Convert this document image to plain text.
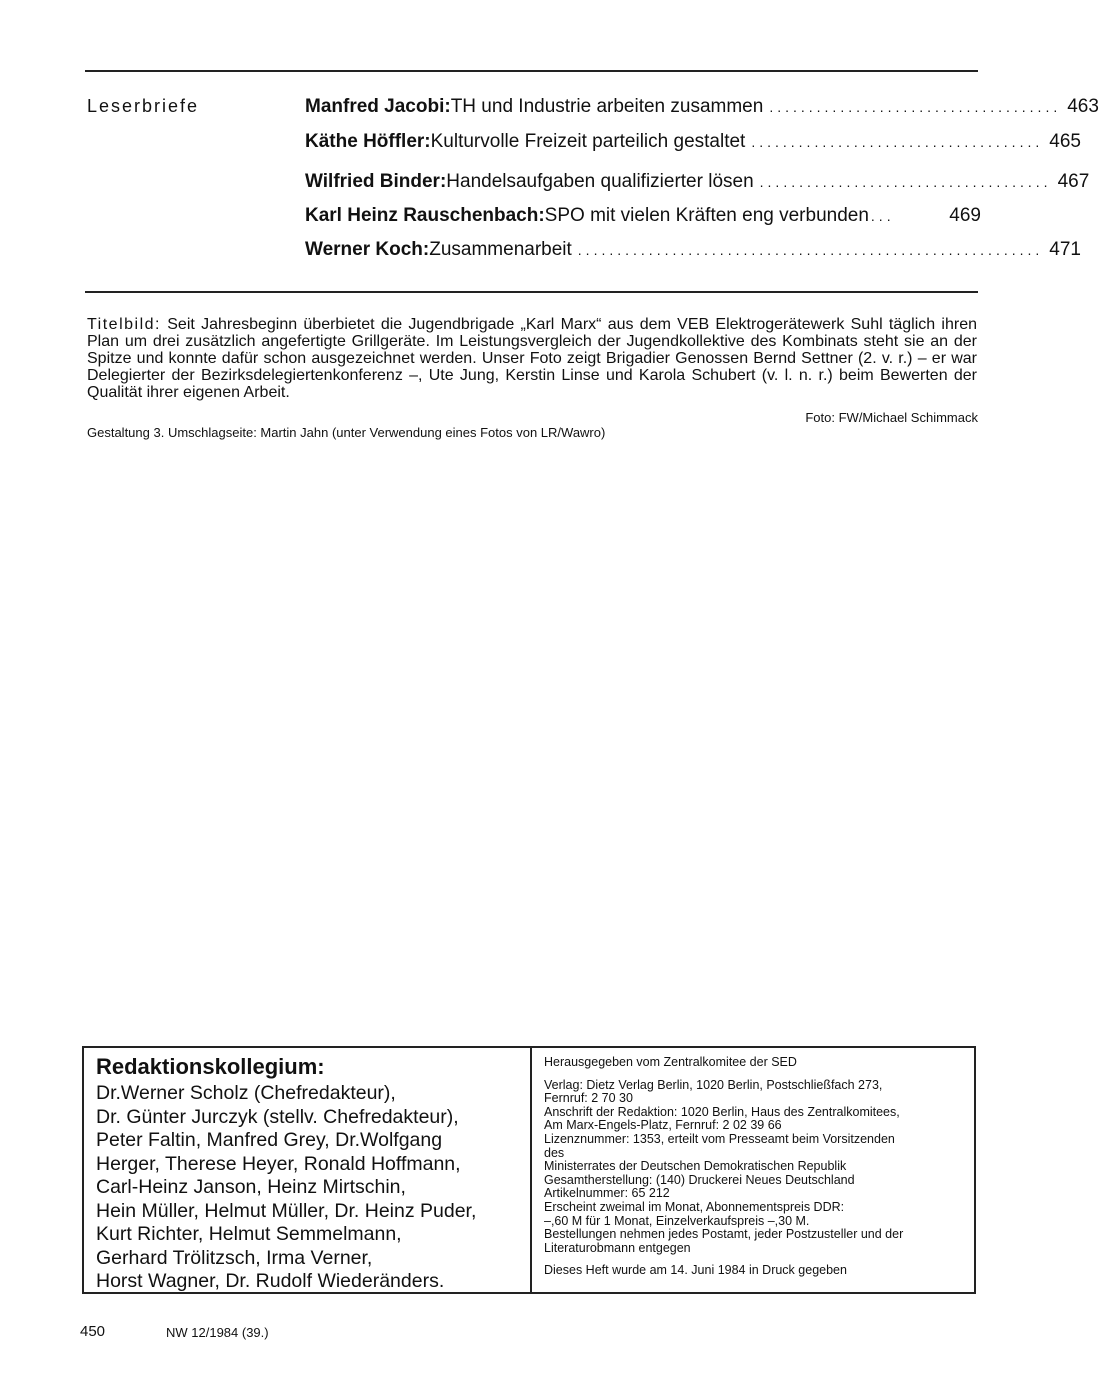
Leserbriefe	Manfred Jacobi: TH und Industrie arbeiten zusammen ..................................... 463
Käthe Höffler: Kulturvolle Freizeit parteilich gestaltet ..................................... 465
Wilfried Binder: Handelsaufgaben qualifizierter lösen ..................................... 467
Karl Heinz Rauschenbach: SPO mit vielen Kräften eng verbunden ...	469
Werner Koch: Zusammenarbeit ........................................................... 471
Titelbild: Seit Jahresbeginn überbietet die Jugendbrigade „Karl Marx“ aus dem VEB Elektrogerätewerk Suhl täglich ihren Plan um drei zusätzlich angefertigte Grillgeräte. Im Leistungsvergleich der Jugendkollektive des Kombinats steht sie an der Spitze und konnte dafür schon ausgezeichnet werden. Unser Foto zeigt Brigadier Genossen Bernd Settner (2. v. r.) – er war Delegierter der Bezirksdelegiertenkonferenz –, Ute Jung, Kerstin Linse und Karola Schubert (v. l. n. r.) beim Bewerten der Qualität ihrer eigenen Arbeit.
Foto: FW/Michael Schimmack
Gestaltung 3. Umschlagseite: Martin Jahn (unter Verwendung eines Fotos von LR/Wawro)
Redaktionskollegium:
Dr.Werner Scholz (Chefredakteur),
Dr. Günter Jurczyk (stellv. Chefredakteur),
Peter Faltin, Manfred Grey, Dr.Wolfgang
Herger, Therese Heyer, Ronald Hoffmann,
Carl-Heinz Janson, Heinz Mirtschin,
Hein Müller, Helmut Müller, Dr. Heinz Puder,
Kurt Richter, Helmut Semmelmann,
Gerhard Trölitzsch, Irma Verner,
Horst Wagner, Dr. Rudolf Wiederänders.
Herausgegeben vom Zentralkomitee der SED
Verlag: Dietz Verlag Berlin, 1020 Berlin, Postschließfach 273,
Fernruf: 2 70 30
Anschrift der Redaktion: 1020 Berlin, Haus des Zentralkomitees,
Am Marx-Engels-Platz, Fernruf: 2 02 39 66
Lizenznummer: 1353, erteilt vom Presseamt beim Vorsitzenden
des
Ministerrates der Deutschen Demokratischen Republik
Gesamtherstellung: (140) Druckerei Neues Deutschland
Artikelnummer: 65 212
Erscheint zweimal im Monat, Abonnementspreis DDR:
–,60 M für 1 Monat, Einzelverkaufspreis –,30 M.
Bestellungen nehmen jedes Postamt, jeder Postzusteller und der
Literaturobmann entgegen
Dieses Heft wurde am 14. Juni 1984 in Druck gegeben
450	NW 12/1984 (39.)
